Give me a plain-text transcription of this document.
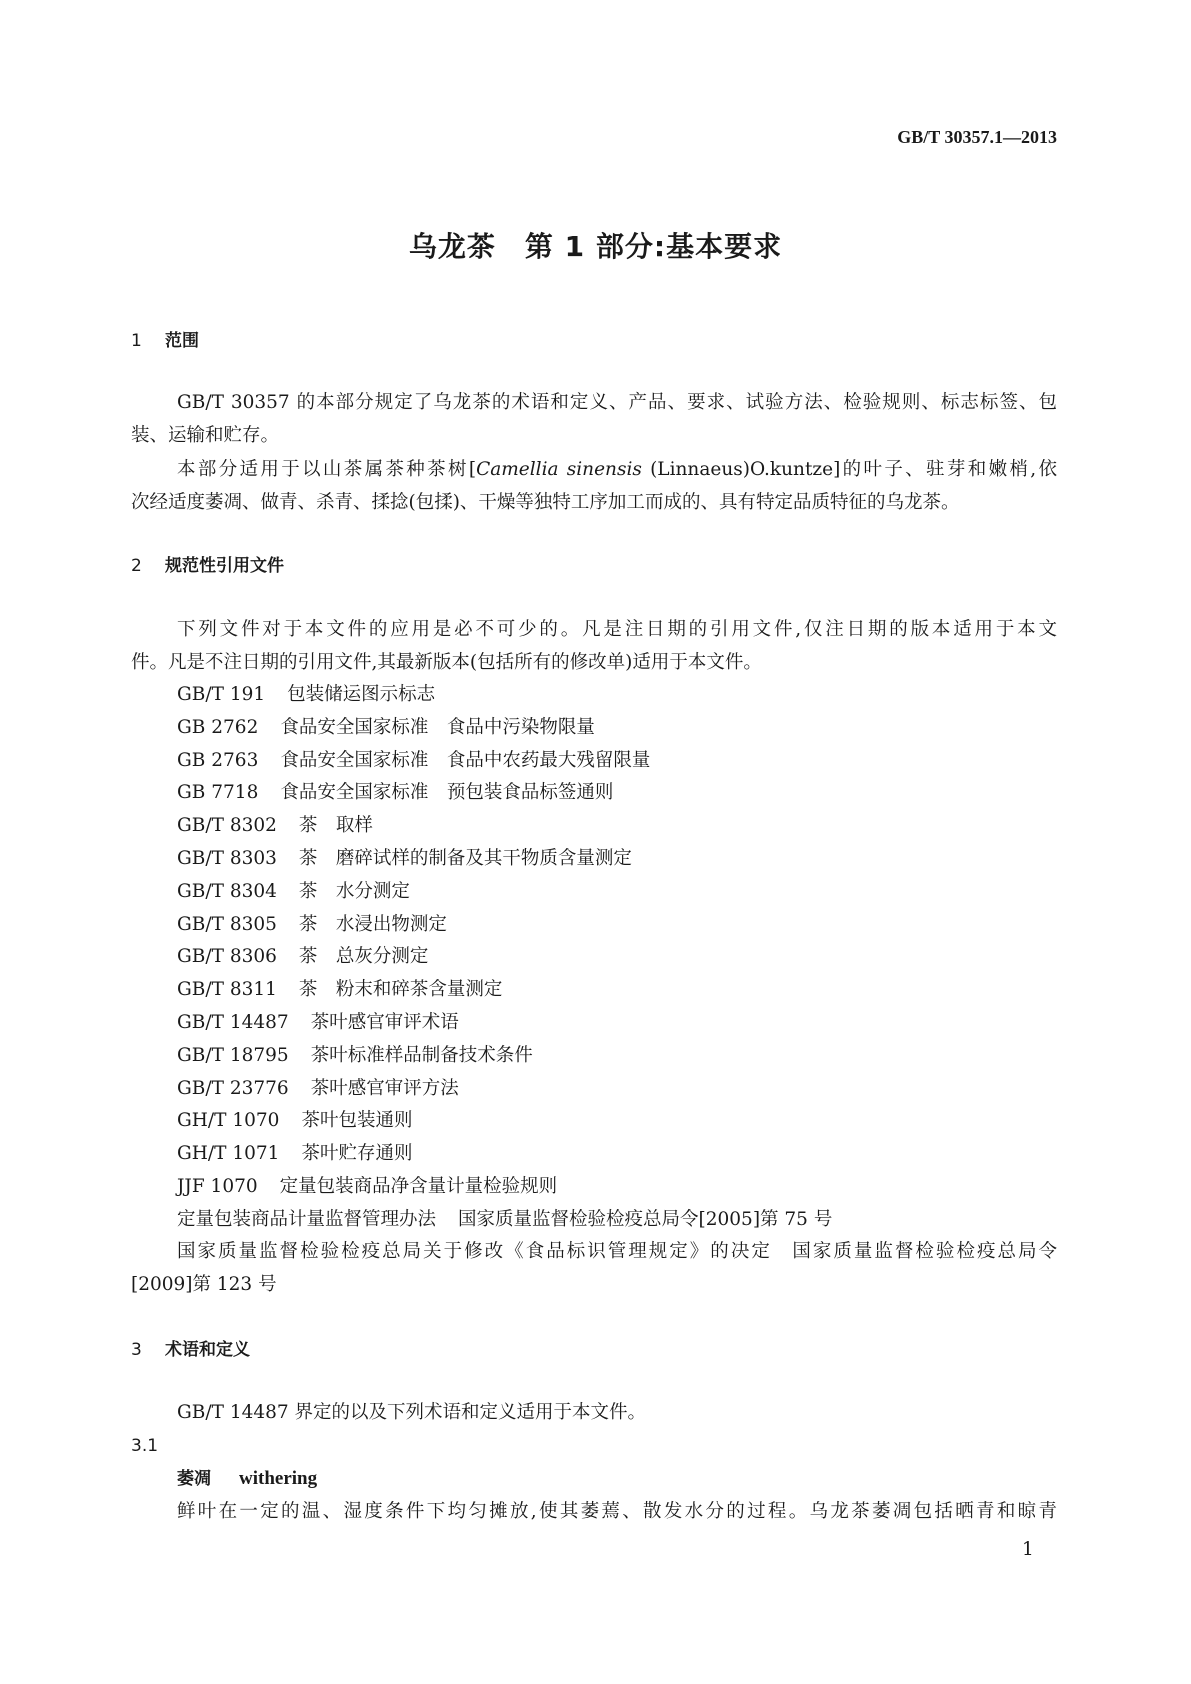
GB/T 30357.1—2013
乌龙茶　第 1 部分:基本要求
1 范围
GB/T 30357 的本部分规定了乌龙茶的术语和定义、产品、要求、试验方法、检验规则、标志标签、包
装、运输和贮存。
本部分适用于以山茶属茶种茶树[Camellia sinensis (Linnaeus)O.kuntze]的叶子、驻芽和嫩梢,依
次经适度萎凋、做青、杀青、揉捻(包揉)、干燥等独特工序加工而成的、具有特定品质特征的乌龙茶。
2 规范性引用文件
下列文件对于本文件的应用是必不可少的。凡是注日期的引用文件,仅注日期的版本适用于本文
件。凡是不注日期的引用文件,其最新版本(包括所有的修改单)适用于本文件。
GB/T 191 包装储运图示标志
GB 2762 食品安全国家标准　食品中污染物限量
GB 2763 食品安全国家标准　食品中农药最大残留限量
GB 7718 食品安全国家标准　预包装食品标签通则
GB/T 8302 茶　取样
GB/T 8303 茶　磨碎试样的制备及其干物质含量测定
GB/T 8304 茶　水分测定
GB/T 8305 茶　水浸出物测定
GB/T 8306 茶　总灰分测定
GB/T 8311 茶　粉末和碎茶含量测定
GB/T 14487 茶叶感官审评术语
GB/T 18795 茶叶标准样品制备技术条件
GB/T 23776 茶叶感官审评方法
GH/T 1070 茶叶包装通则
GH/T 1071 茶叶贮存通则
JJF 1070 定量包装商品净含量计量检验规则
定量包装商品计量监督管理办法 国家质量监督检验检疫总局令[2005]第 75 号
国家质量监督检验检疫总局关于修改《食品标识管理规定》的决定　国家质量监督检验检疫总局令
[2009]第 123 号
3 术语和定义
GB/T 14487 界定的以及下列术语和定义适用于本文件。
3.1
萎凋 withering
鲜叶在一定的温、湿度条件下均匀摊放,使其萎蔫、散发水分的过程。乌龙茶萎凋包括晒青和晾青
1
